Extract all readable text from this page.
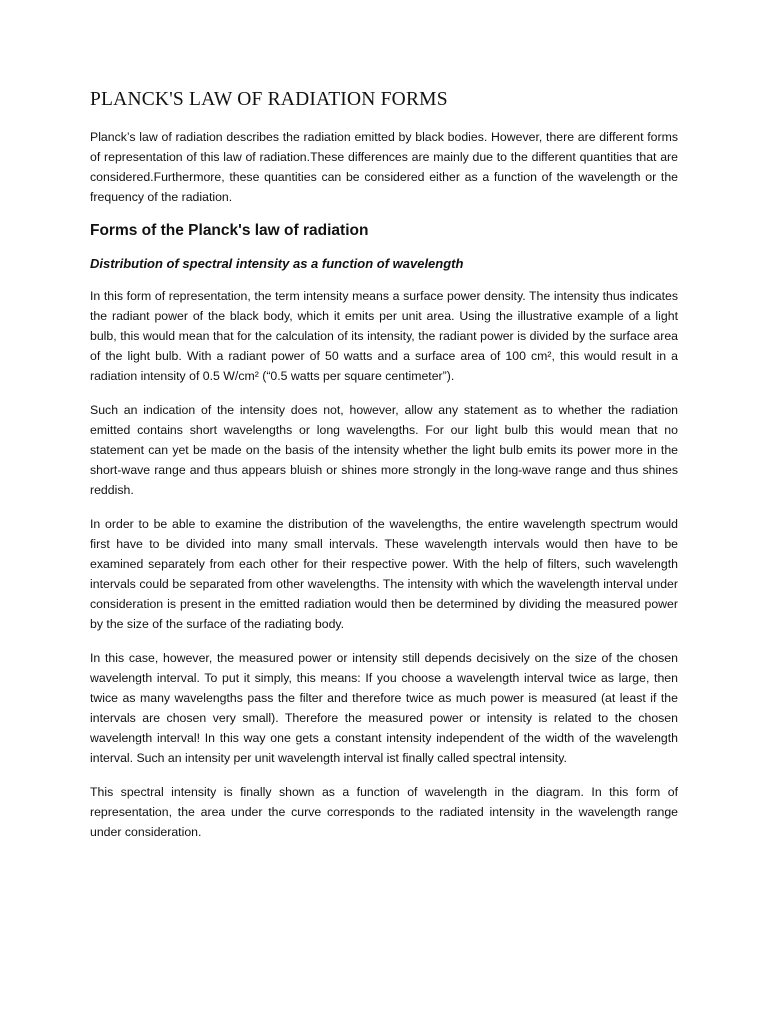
PLANCK'S LAW OF RADIATION FORMS

Planck’s law of radiation describes the radiation emitted by black bodies. However, there are different forms of representation of this law of radiation.These differences are mainly due to the different quantities that are considered.Furthermore, these quantities can be considered either as a function of the wavelength or the frequency of the radiation.

Forms of the Planck's law of radiation
Distribution of spectral intensity as a function of wavelength

In this form of representation, the term intensity means a surface power density. The intensity thus indicates the radiant power of the black body, which it emits per unit area. Using the illustrative example of a light bulb, this would mean that for the calculation of its intensity, the radiant power is divided by the surface area of the light bulb. With a radiant power of 50 watts and a surface area of 100 cm², this would result in a radiation intensity of 0.5 W/cm² (“0.5 watts per square centimeter”).

Such an indication of the intensity does not, however, allow any statement as to whether the radiation emitted contains short wavelengths or long wavelengths. For our light bulb this would mean that no statement can yet be made on the basis of the intensity whether the light bulb emits its power more in the short-wave range and thus appears bluish or shines more strongly in the long-wave range and thus shines reddish.

In order to be able to examine the distribution of the wavelengths, the entire wavelength spectrum would first have to be divided into many small intervals. These wavelength intervals would then have to be examined separately from each other for their respective power. With the help of filters, such wavelength intervals could be separated from other wavelengths. The intensity with which the wavelength interval under consideration is present in the emitted radiation would then be determined by dividing the measured power by the size of the surface of the radiating body.

In this case, however, the measured power or intensity still depends decisively on the size of the chosen wavelength interval. To put it simply, this means: If you choose a wavelength interval twice as large, then twice as many wavelengths pass the filter and therefore twice as much power is measured (at least if the intervals are chosen very small). Therefore the measured power or intensity is related to the chosen wavelength interval! In this way one gets a constant intensity independent of the width of the wavelength interval. Such an intensity per unit wavelength interval ist finally called spectral intensity.

This spectral intensity is finally shown as a function of wavelength in the diagram. In this form of representation, the area under the curve corresponds to the radiated intensity in the wavelength range under consideration.
